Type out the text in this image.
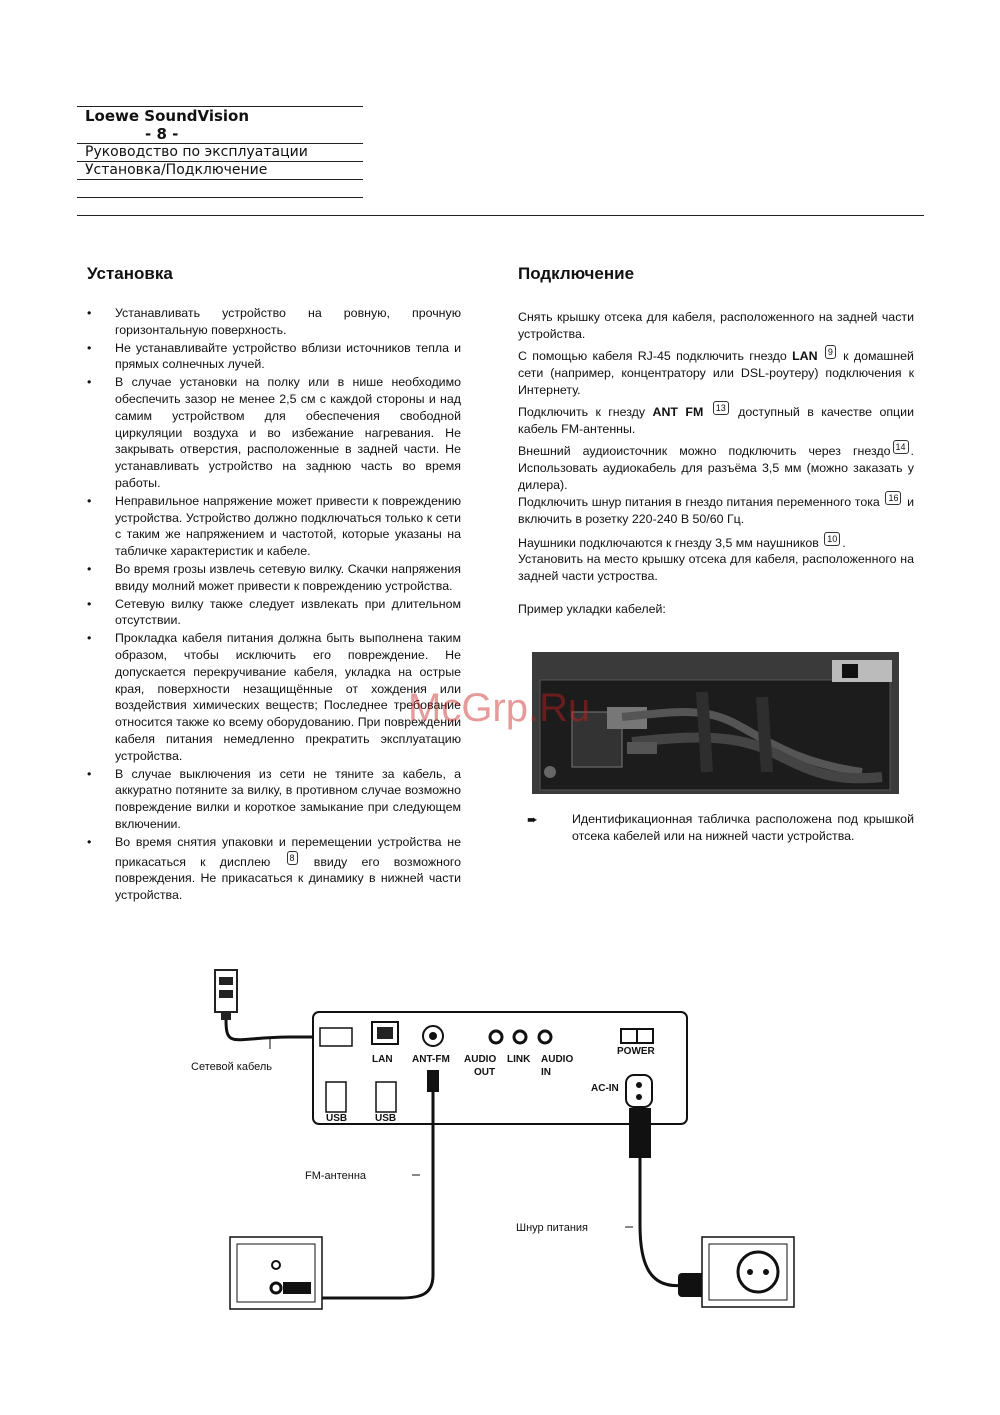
Loewe SoundVision
- 8 -
Руководство по эксплуатации
Установка/Подключение
Установка
• Устанавливать устройство на ровную, прочную горизонтальную поверхность.
• Не устанавливайте устройство вблизи источников тепла и прямых солнечных лучей.
• В случае установки на полку или в нише необходимо обеспечить зазор не менее 2,5 см с каждой стороны и над самим устройством для обеспечения свободной циркуляции воздуха и во избежание нагревания. Не закрывать отверстия, расположенные в задней части. Не устанавливать устройство на заднюю часть во время работы.
• Неправильное напряжение может привести к повреждению устройства. Устройство должно подключаться только к сети с таким же напряжением и частотой, которые указаны на табличке характеристик и кабеле.
• Во время грозы извлечь сетевую вилку. Скачки напряжения ввиду молний может привести к повреждению устройства.
• Сетевую вилку также следует извлекать при длительном отсутствии.
• Прокладка кабеля питания должна быть выполнена таким образом, чтобы исключить его повреждение. Не допускается перекручивание кабеля, укладка на острые края, поверхности незащищённые от хождения или воздействия химических веществ; Последнее требование относится также ко всему оборудованию. При повреждении кабеля питания немедленно прекратить эксплуатацию устройства.
• В случае выключения из сети не тяните за кабель, а аккуратно потяните за вилку, в противном случае возможно повреждение вилки и короткое замыкание при следующем включении.
• Во время снятия упаковки и перемещении устройства не прикасаться к дисплею 8 ввиду его возможного повреждения. Не прикасаться к динамику в нижней части устройства.
Подключение

Снять крышку отсека для кабеля, расположенного на задней части устройства.

С помощью кабеля RJ-45 подключить гнездо LAN 9 к домашней сети (например, концентратору или DSL-роутеру) подключения к Интернету.

Подключить к гнезду ANT FM 13 доступный в качестве опции кабель FM-антенны.

Внешний аудиоисточник можно подключить через гнездо 14 . Использовать аудиокабель для разъёма 3,5 мм (можно заказать у дилера).

Подключить шнур питания в гнездо питания переменного тока 16 и включить в розетку 220-240 В 50/60 Гц.

Наушники подключаются к гнезду 3,5 мм наушников 10 .

Установить на место крышку отсека для кабеля, расположенного на задней части устроства.

Пример укладки кабелей:

➨	Идентификационная табличка расположена под крышкой отсека кабелей или на нижней части устройства.

McGrp.Ru
Сетевой кабель
FM-антенна
Шнур питания
LAN ANT-FM AUDIO
OUT
LINK AUDIO
IN
POWER
AC-IN
USB	USB
